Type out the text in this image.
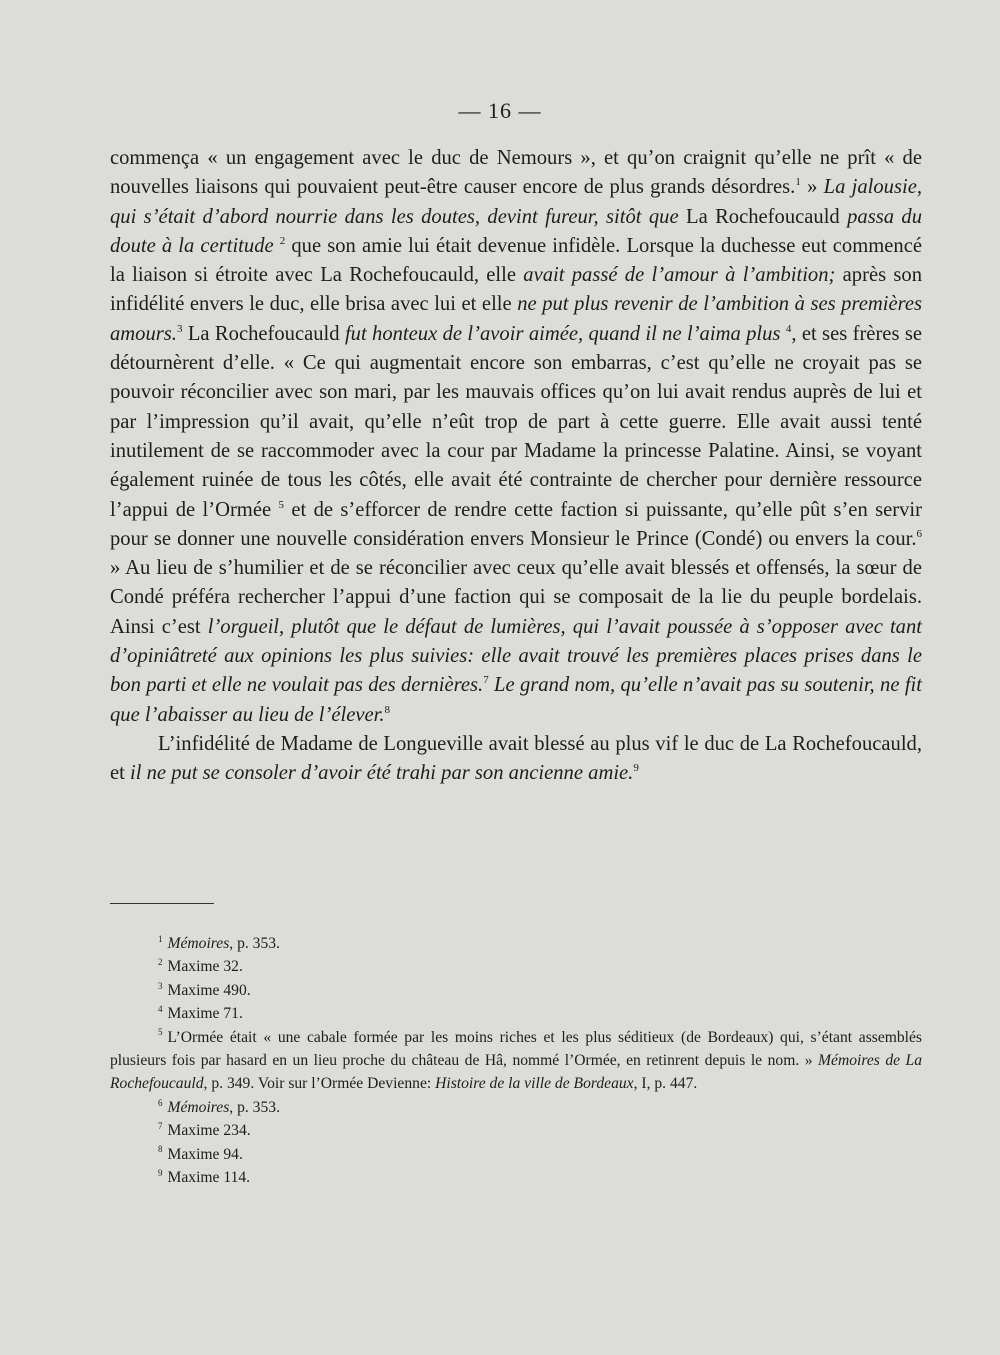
— 16 —

commença « un engagement avec le duc de Nemours », et qu’on craignit qu’elle ne prît « de nouvelles liaisons qui pouvaient peut-être causer encore de plus grands désordres.$^1$ » La jalousie, qui s’était d’abord nourrie dans les doutes, devint fureur, sitôt que La Rochefoucauld passa du doute à la certitude $^2$ que son amie lui était devenue infidèle. Lorsque la duchesse eut commencé la liaison si étroite avec La Rochefoucauld, elle avait passé de l’amour à l’ambition; après son infidélité envers le duc, elle brisa avec lui et elle ne put plus revenir de l’ambition à ses premières amours.$^3$ La Rochefoucauld fut honteux de l’avoir aimée, quand il ne l’aima plus $^4$, et ses frères se détournèrent d’elle. « Ce qui augmentait encore son embarras, c’est qu’elle ne croyait pas se pouvoir réconcilier avec son mari, par les mauvais offices qu’on lui avait rendus auprès de lui et par l’impression qu’il avait, qu’elle n’eût trop de part à cette guerre. Elle avait aussi tenté inutilement de se raccommoder avec la cour par Madame la princesse Palatine. Ainsi, se voyant également ruinée de tous les côtés, elle avait été contrainte de chercher pour dernière ressource l’appui de l’Ormée $^5$ et de s’efforcer de rendre cette faction si puissante, qu’elle pût s’en servir pour se donner une nouvelle considération envers Monsieur le Prince (Condé) ou envers la cour.$^6$ » Au lieu de s’humilier et de se réconcilier avec ceux qu’elle avait blessés et offensés, la sœur de Condé préféra rechercher l’appui d’une faction qui se composait de la lie du peuple bordelais. Ainsi c’est l’orgueil, plutôt que le défaut de lumières, qui l’avait poussée à s’opposer avec tant d’opiniâtreté aux opinions les plus suivies: elle avait trouvé les premières places prises dans le bon parti et elle ne voulait pas des dernières.$^7$ Le grand nom, qu’elle n’avait pas su soutenir, ne fit que l’abaisser au lieu de l’élever.$^8$

L’infidélité de Madame de Longueville avait blessé au plus vif le duc de La Rochefoucauld, et il ne put se consoler d’avoir été trahi par son ancienne amie.$^9$

$^1$ Mémoires, p. 353.

$^2$ Maxime 32.

$^3$ Maxime 490.

$^4$ Maxime 71.

$^5$ L’Ormée était « une cabale formée par les moins riches et les plus séditieux (de Bordeaux) qui, s’étant assemblés plusieurs fois par hasard en un lieu proche du château de Hâ, nommé l’Ormée, en retinrent depuis le nom. » Mémoires de La Rochefoucauld, p. 349. Voir sur l’Ormée Devienne: Histoire de la ville de Bordeaux, I, p. 447.

$^6$ Mémoires, p. 353.

$^7$ Maxime 234.

$^8$ Maxime 94.

$^9$ Maxime 114.
